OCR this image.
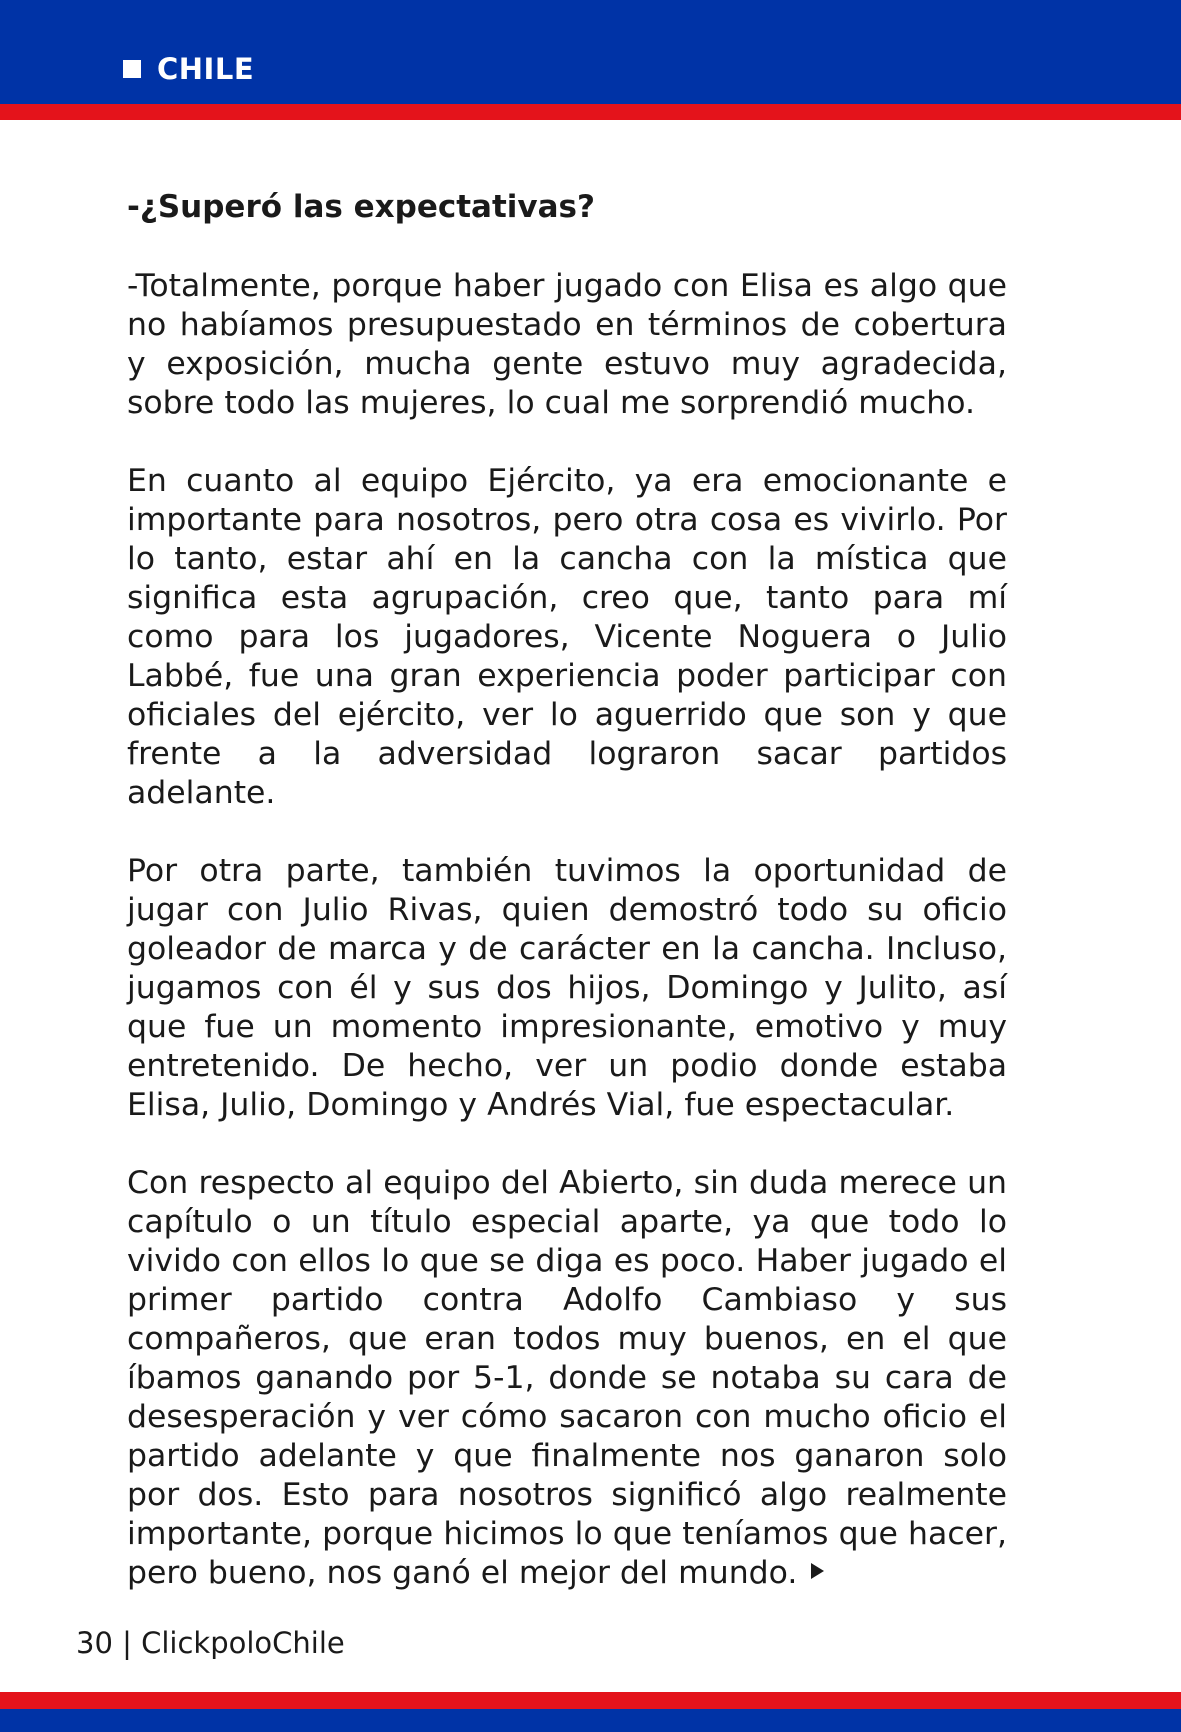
CHILE

-¿Superó las expectativas?

-Totalmente, porque haber jugado con Elisa es algo que no habíamos presupuestado en términos de cobertura y exposición, mucha gente estuvo muy agradecida, sobre todo las mujeres, lo cual me sorprendió mucho.

En cuanto al equipo Ejército, ya era emocionante e importante para nosotros, pero otra cosa es vivirlo. Por lo tanto, estar ahí en la cancha con la mística que significa esta agrupación, creo que, tanto para mí como para los jugadores, Vicente Noguera o Julio Labbé, fue una gran experiencia poder participar con oficiales del ejército, ver lo aguerrido que son y que frente a la adversidad lograron sacar partidos adelante.

Por otra parte, también tuvimos la oportunidad de jugar con Julio Rivas, quien demostró todo su oficio goleador de marca y de carácter en la cancha. Incluso, jugamos con él y sus dos hijos, Domingo y Julito, así que fue un momento impresionante, emotivo y muy entretenido. De hecho, ver un podio donde estaba Elisa, Julio, Domingo y Andrés Vial, fue espectacular.

Con respecto al equipo del Abierto, sin duda merece un capítulo o un título especial aparte, ya que todo lo vivido con ellos lo que se diga es poco. Haber jugado el primer partido contra Adolfo Cambiaso y sus compañeros, que eran todos muy buenos, en el que íbamos ganando por 5-1, donde se notaba su cara de desesperación y ver cómo sacaron con mucho oficio el partido adelante y que finalmente nos ganaron solo por dos. Esto para nosotros significó algo realmente importante, porque hicimos lo que teníamos que hacer, pero bueno, nos ganó el mejor del mundo.

30 | ClickpoloChile
